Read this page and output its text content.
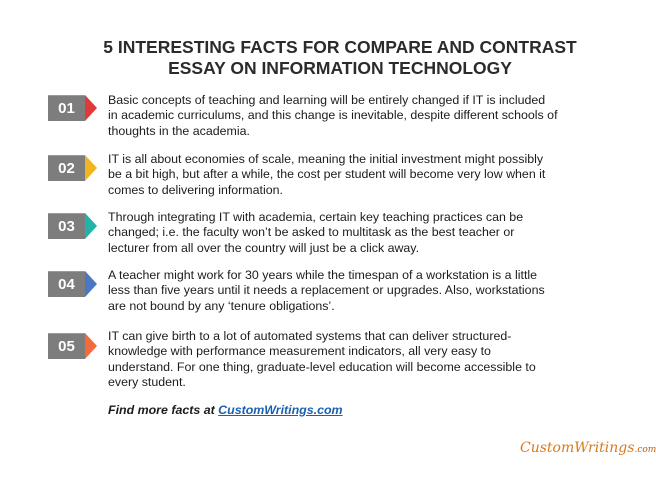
5 INTERESTING FACTS FOR COMPARE AND CONTRAST
ESSAY ON INFORMATION TECHNOLOGY
01	Basic concepts of teaching and learning will be entirely changed if IT is included in academic curriculums, and this change is inevitable, despite different schools of thoughts in the academia.
02
IT is all about economies of scale, meaning the initial investment might possibly be a bit high, but after a while, the cost per student will become very low when it comes to delivering information.
03
Through integrating IT with academia, certain key teaching practices can be changed; i.e. the faculty won’t be asked to multitask as the best teacher or lecturer from all over the country will just be a click away.
04
A teacher might work for 30 years while the timespan of a workstation is a little less than five years until it needs a replacement or upgrades. Also, workstations are not bound by any ‘tenure obligations’.
05
IT can give birth to a lot of automated systems that can deliver structured-knowledge with performance measurement indicators, all very easy to understand. For one thing, graduate-level education will become accessible to every student.
Find more facts at CustomWritings.com
CustomWritings.com
